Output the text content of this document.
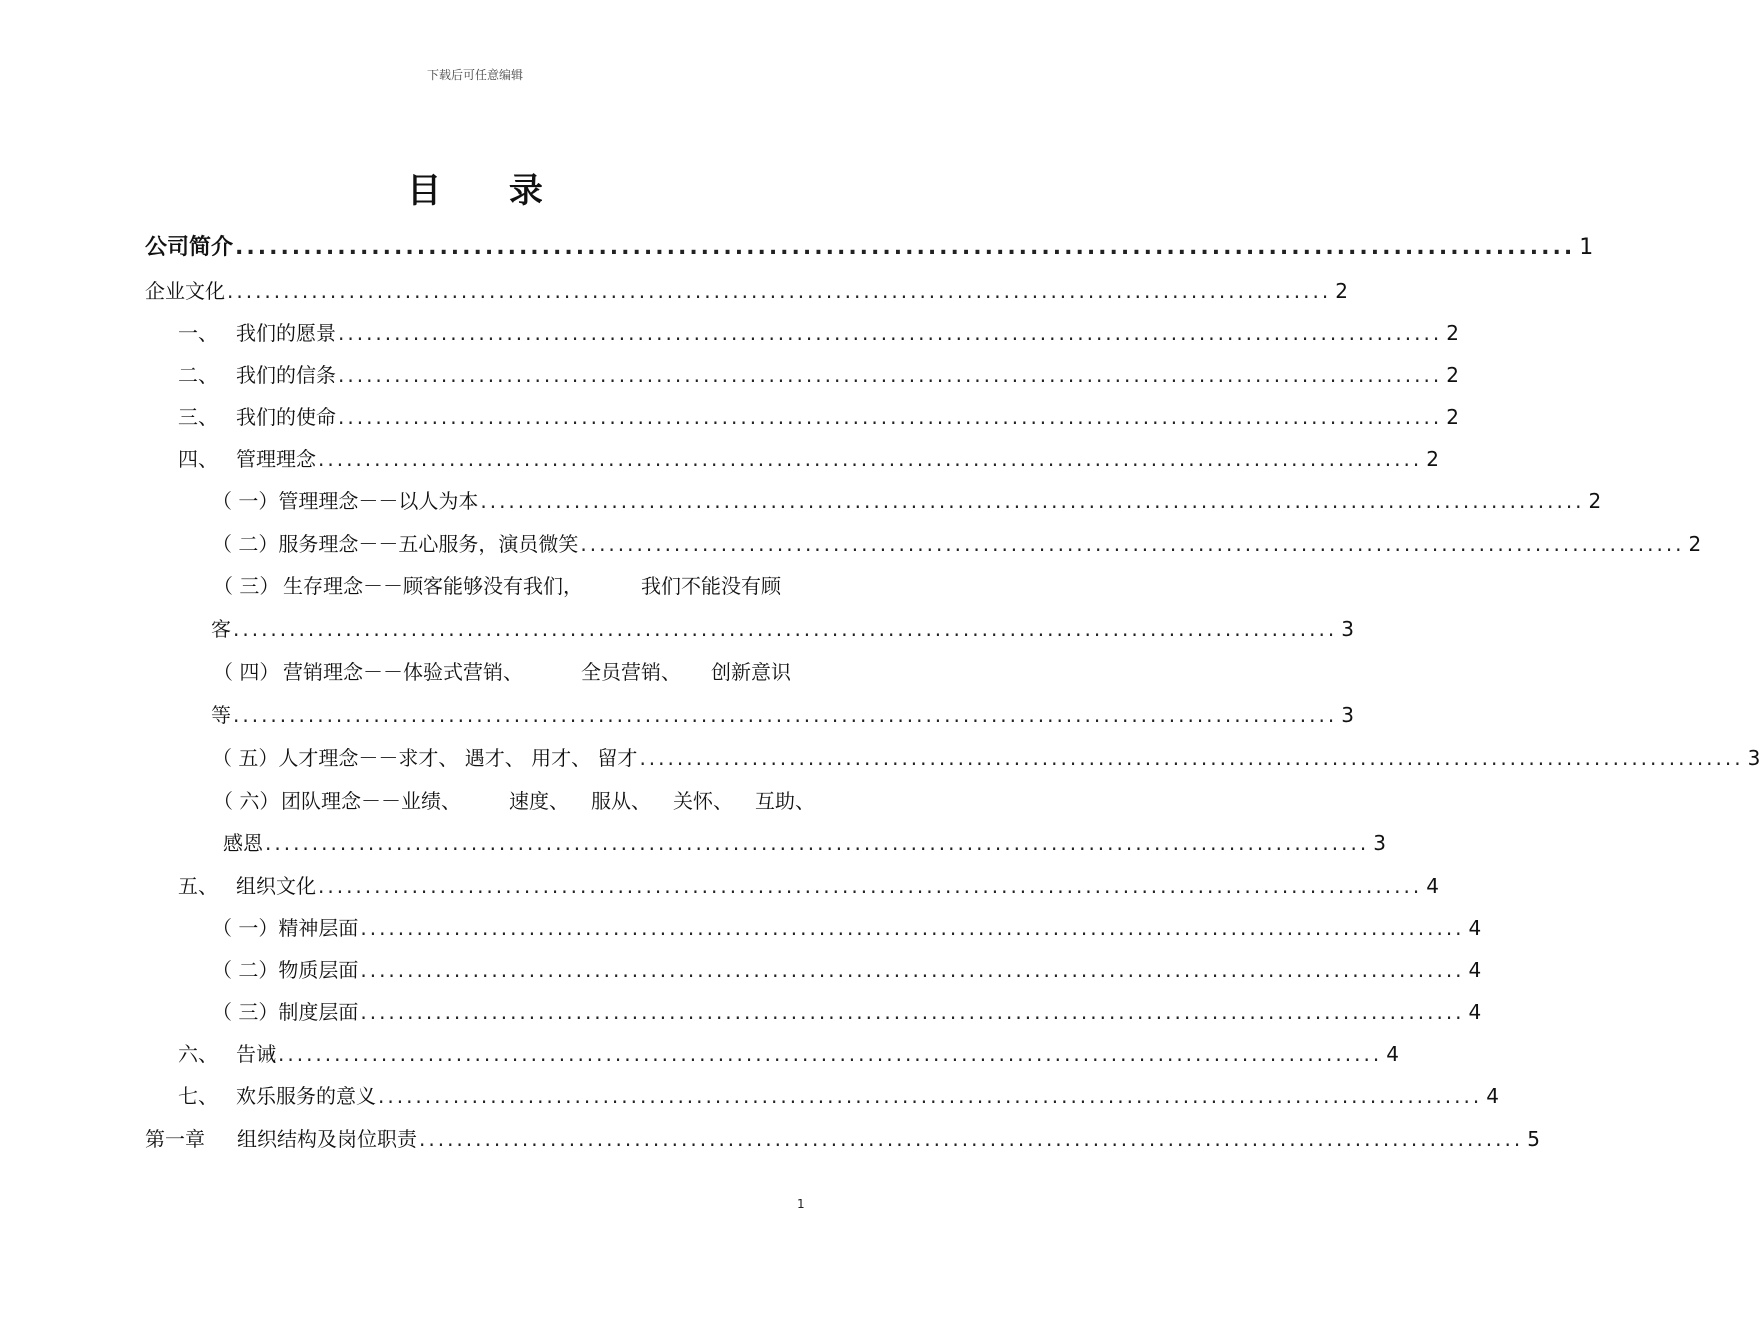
下载后可任意编辑
目 录
公司简介 ...................................................................................................................... 1
企业文化 ...................................................................................................................... 2
一、 我们的愿景 ...................................................................................................................... 2
二、 我们的信条 ...................................................................................................................... 2
三、 我们的使命 ...................................................................................................................... 2
四、 管理理念 ...................................................................................................................... 2
（ 一）管理理念－－以人为本 ...................................................................................................................... 2
（ 二）服务理念－－五心服务，演员微笑 ...................................................................................................................... 2
（ 三） 生存理念－－顾客能够没有我们，	我们不能没有顾
客 ...................................................................................................................... 3
（ 四） 营销理念－－体验式营销、	全员营销、 创新意识
等 ...................................................................................................................... 3
（ 五）人才理念－－求才、 遇才、 用才、 留才 ...................................................................................................................... 3
（ 六）团队理念－－业绩、 速度、 服从、 关怀、 互助、
感恩 ...................................................................................................................... 3
五、 组织文化 ...................................................................................................................... 4
（ 一）精神层面 ...................................................................................................................... 4
（ 二）物质层面 ...................................................................................................................... 4
（ 三）制度层面 ...................................................................................................................... 4
六、 告诫 ...................................................................................................................... 4
七、 欢乐服务的意义 ...................................................................................................................... 4
第一章 组织结构及岗位职责 ...................................................................................................................... 5
1
